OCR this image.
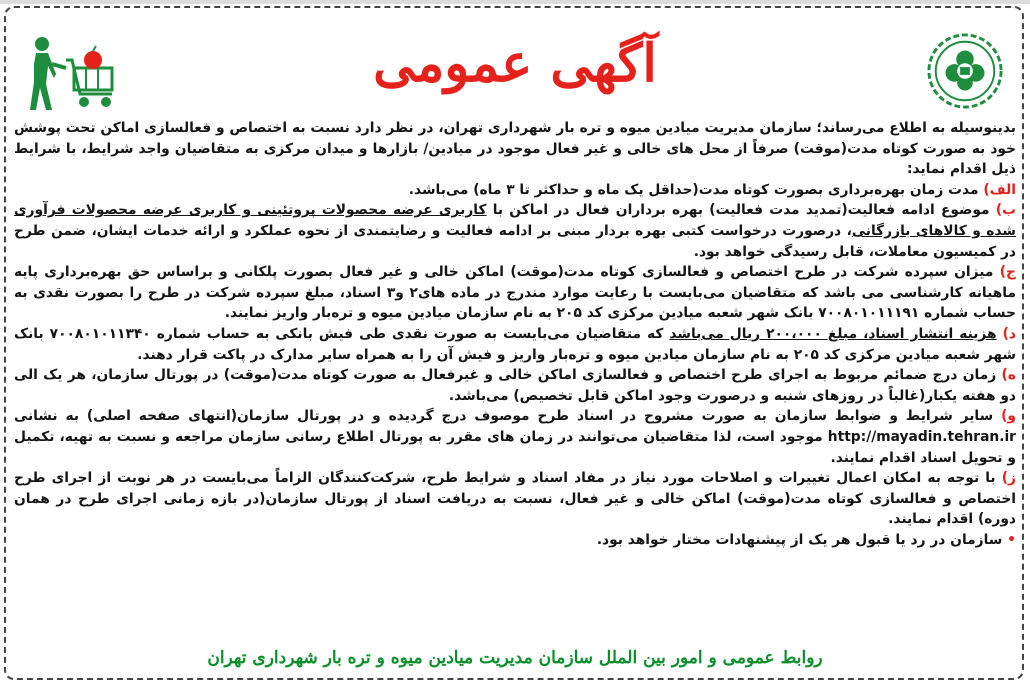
آگهی عمومی

بدینوسیله به اطلاع می‌رساند؛ سازمان مدیریت میادین میوه و تره بار شهرداری تهران، در نظر دارد نسبت به اختصاص و فعالسازی اماکن تحت پوشش خود به صورت کوتاه مدت(موقت) صرفاً از محل های خالی و غیر فعال موجود در میادین/ بازارها و میدان مرکزی به متقاضیان واجد شرایط، با شرایط ذیل اقدام نماید:

الف) مدت زمان بهره‌برداری بصورت کوتاه مدت(حداقل یک ماه و حداکثر تا ۳ ماه) می‌باشد.

ب) موضوع ادامه فعالیت(تمدید مدت فعالیت) بهره برداران فعال در اماکن با کاربری عرضه محصولات پروتئینی و کاربری عرضه محصولات فرآوری شده و کالاهای بازرگانی، درصورت درخواست کتبی بهره بردار مبنی بر ادامه فعالیت و رضایتمندی از نحوه عملکرد و ارائه خدمات ایشان، ضمن طرح در کمیسیون معاملات، قابل رسیدگی خواهد بود.

ج) میزان سپرده شرکت در طرح اختصاص و فعالسازی کوتاه مدت(موقت) اماکن خالی و غیر فعال بصورت پلکانی و براساس حق بهره‌برداری پایه ماهیانه کارشناسی می باشد که متقاضیان می‌بایست با رعایت موارد مندرج در ماده های۲ و۳ اسناد، مبلغ سپرده شرکت در طرح را بصورت نقدی به حساب شماره ۷۰۰۸۰۱۰۱۱۱۹۱ بانک شهر شعبه میادین مرکزی کد ۲۰۵ به نام سازمان میادین میوه و تره‌بار واریز نمایند.

د) هزینه انتشار اسناد، مبلغ ۲۰۰،۰۰۰ ریال می‌باشد که متقاضیان می‌بایست به صورت نقدی طی فیش بانکی به حساب شماره ۷۰۰۸۰۱۰۱۱۳۴۰ بانک شهر شعبه میادین مرکزی کد ۲۰۵ به نام سازمان میادین میوه و تره‌بار واریز و فیش آن را به همراه سایر مدارک در پاکت قرار دهند.

ه) زمان درج ضمائم مربوط به اجرای طرح اختصاص و فعالسازی اماکن خالی و غیرفعال به صورت کوتاه مدت(موقت) در پورتال سازمان، هر یک الی دو هفته یکبار(غالباً در روزهای شنبه و درصورت وجود اماکن قابل تخصیص) می‌باشد.

و) سایر شرایط و ضوابط سازمان به صورت مشروح در اسناد طرح موصوف درج گردیده و در پورتال سازمان(انتهای صفحه اصلی) به نشانی http://mayadin.tehran.ir موجود است، لذا متقاضیان می‌توانند در زمان های مقرر به پورتال اطلاع رسانی سازمان مراجعه و نسبت به تهیه، تکمیل و تحویل اسناد اقدام نمایند.

ز) با توجه به امکان اعمال تغییرات و اصلاحات مورد نیاز در مفاد اسناد و شرایط طرح، شرکت‌کنندگان الزاماً می‌بایست در هر نوبت از اجرای طرح اختصاص و فعالسازی کوتاه مدت(موقت) اماکن خالی و غیر فعال، نسبت به دریافت اسناد از پورتال سازمان(در بازه زمانی اجرای طرح در همان دوره) اقدام نمایند.

• سازمان در رد یا قبول هر یک از پیشنهادات مختار خواهد بود.

روابط عمومی و امور بین الملل سازمان مدیریت میادین میوه و تره بار شهرداری تهران
